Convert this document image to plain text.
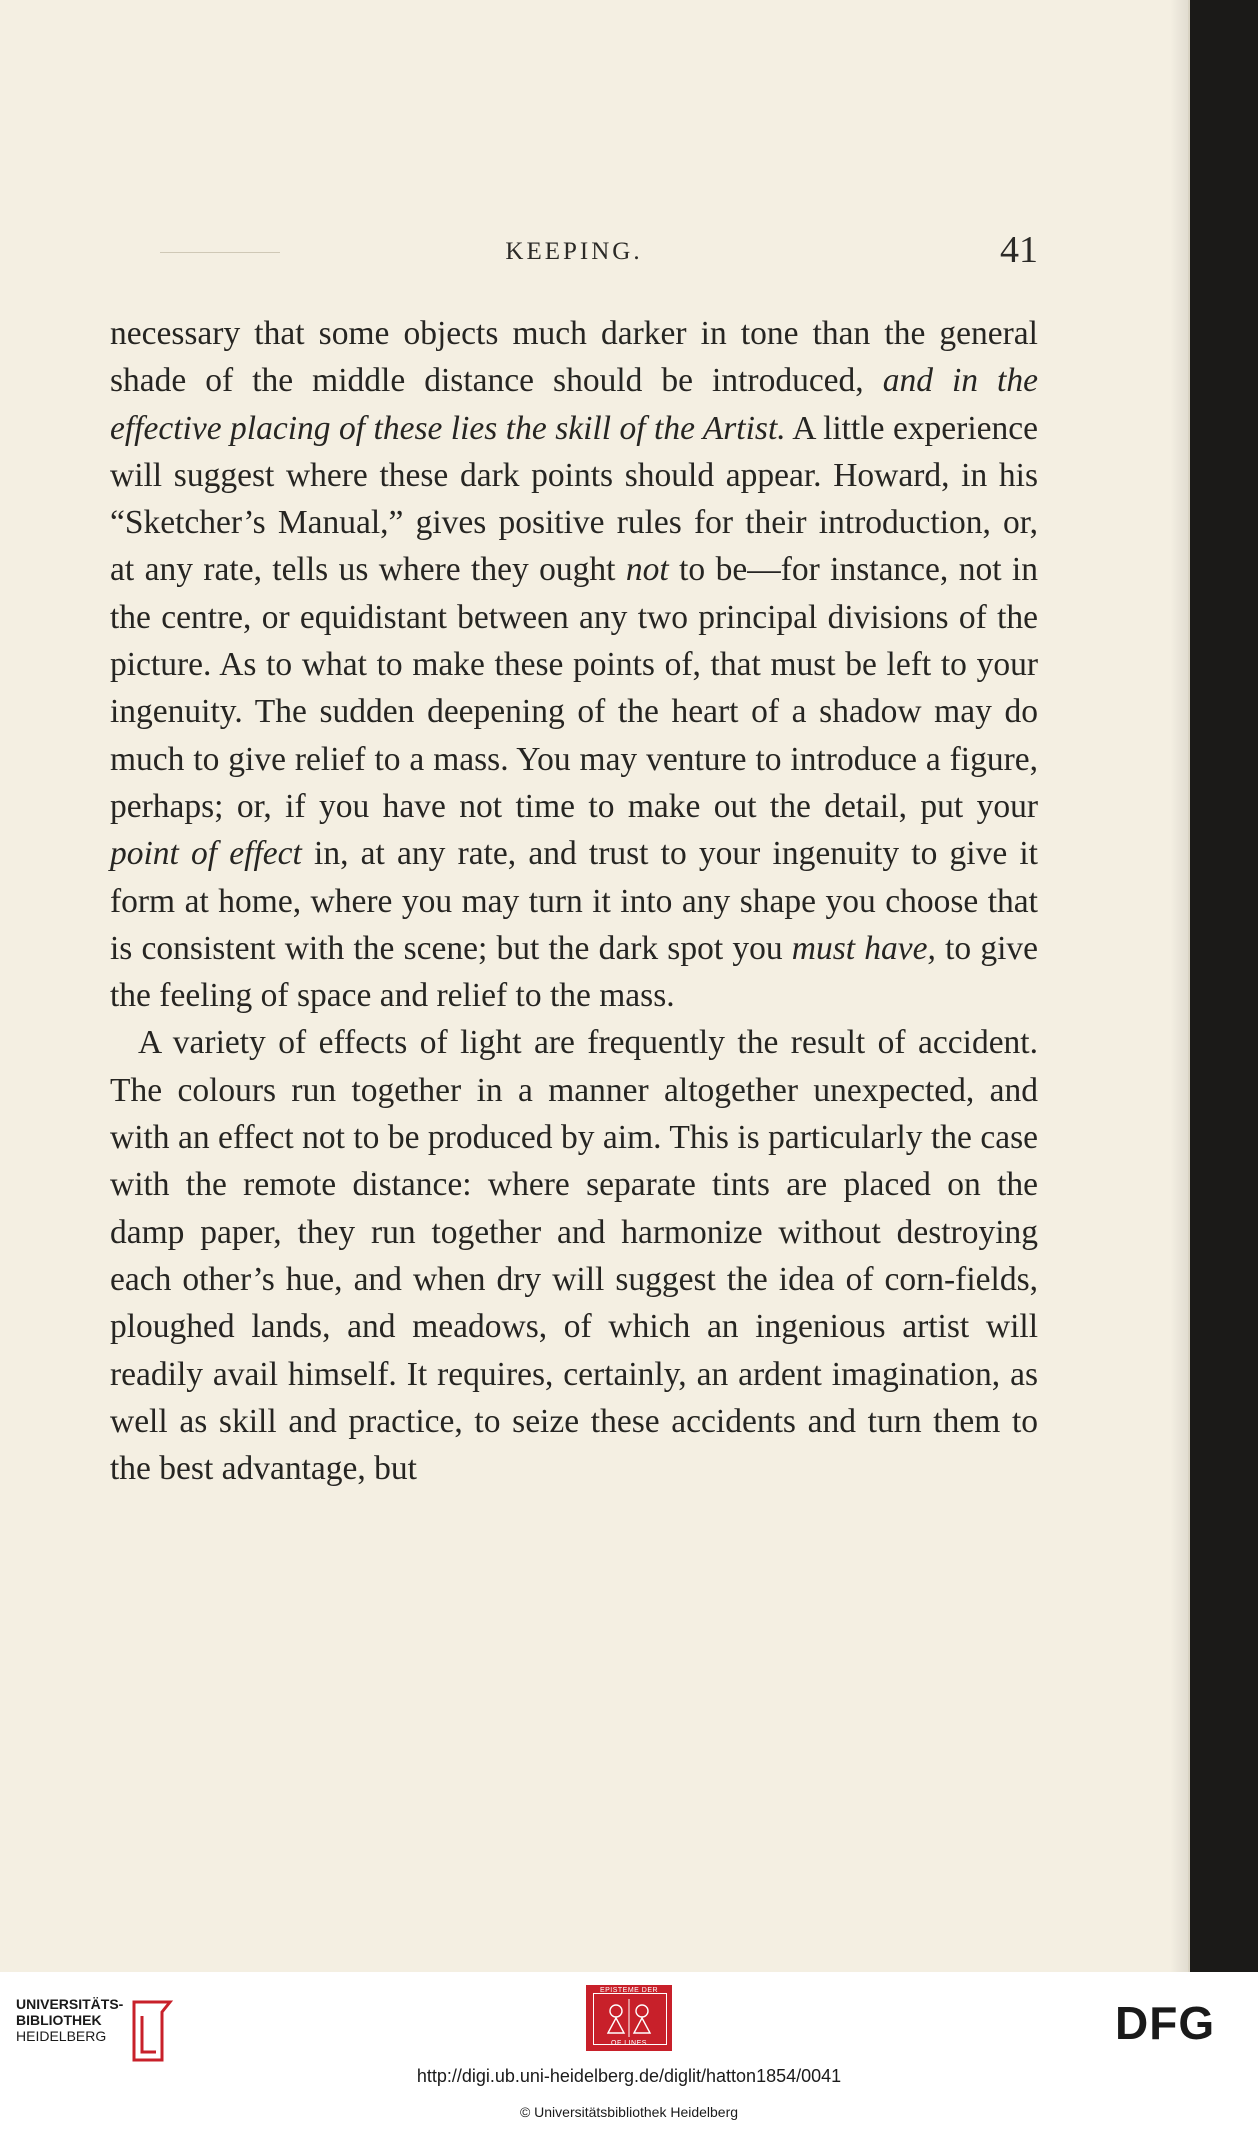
KEEPING.	41

necessary that some objects much darker in tone than the general shade of the middle distance should be introduced, and in the effective placing of these lies the skill of the Artist. A little experience will suggest where these dark points should appear. Howard, in his “Sketcher’s Manual,” gives positive rules for their introduction, or, at any rate, tells us where they ought not to be—for instance, not in the centre, or equidistant between any two principal divisions of the picture. As to what to make these points of, that must be left to your ingenuity. The sudden deepening of the heart of a shadow may do much to give relief to a mass. You may venture to introduce a figure, perhaps; or, if you have not time to make out the detail, put your point of effect in, at any rate, and trust to your ingenuity to give it form at home, where you may turn it into any shape you choose that is consistent with the scene; but the dark spot you must have, to give the feeling of space and relief to the mass.

A variety of effects of light are frequently the result of accident. The colours run together in a manner altogether unexpected, and with an effect not to be produced by aim. This is particularly the case with the remote distance: where separate tints are placed on the damp paper, they run together and harmonize without destroying each other’s hue, and when dry will suggest the idea of corn-fields, ploughed lands, and meadows, of which an ingenious artist will readily avail himself. It requires, certainly, an ardent imagination, as well as skill and practice, to seize these accidents and turn them to the best advantage, but

UNIVERSITÄTS-
BIBLIOTHEK
HEIDELBERG
EPISTEME DER
OF LINES	DFG
http://digi.ub.uni-heidelberg.de/diglit/hatton1854/0041
© Universitätsbibliothek Heidelberg
